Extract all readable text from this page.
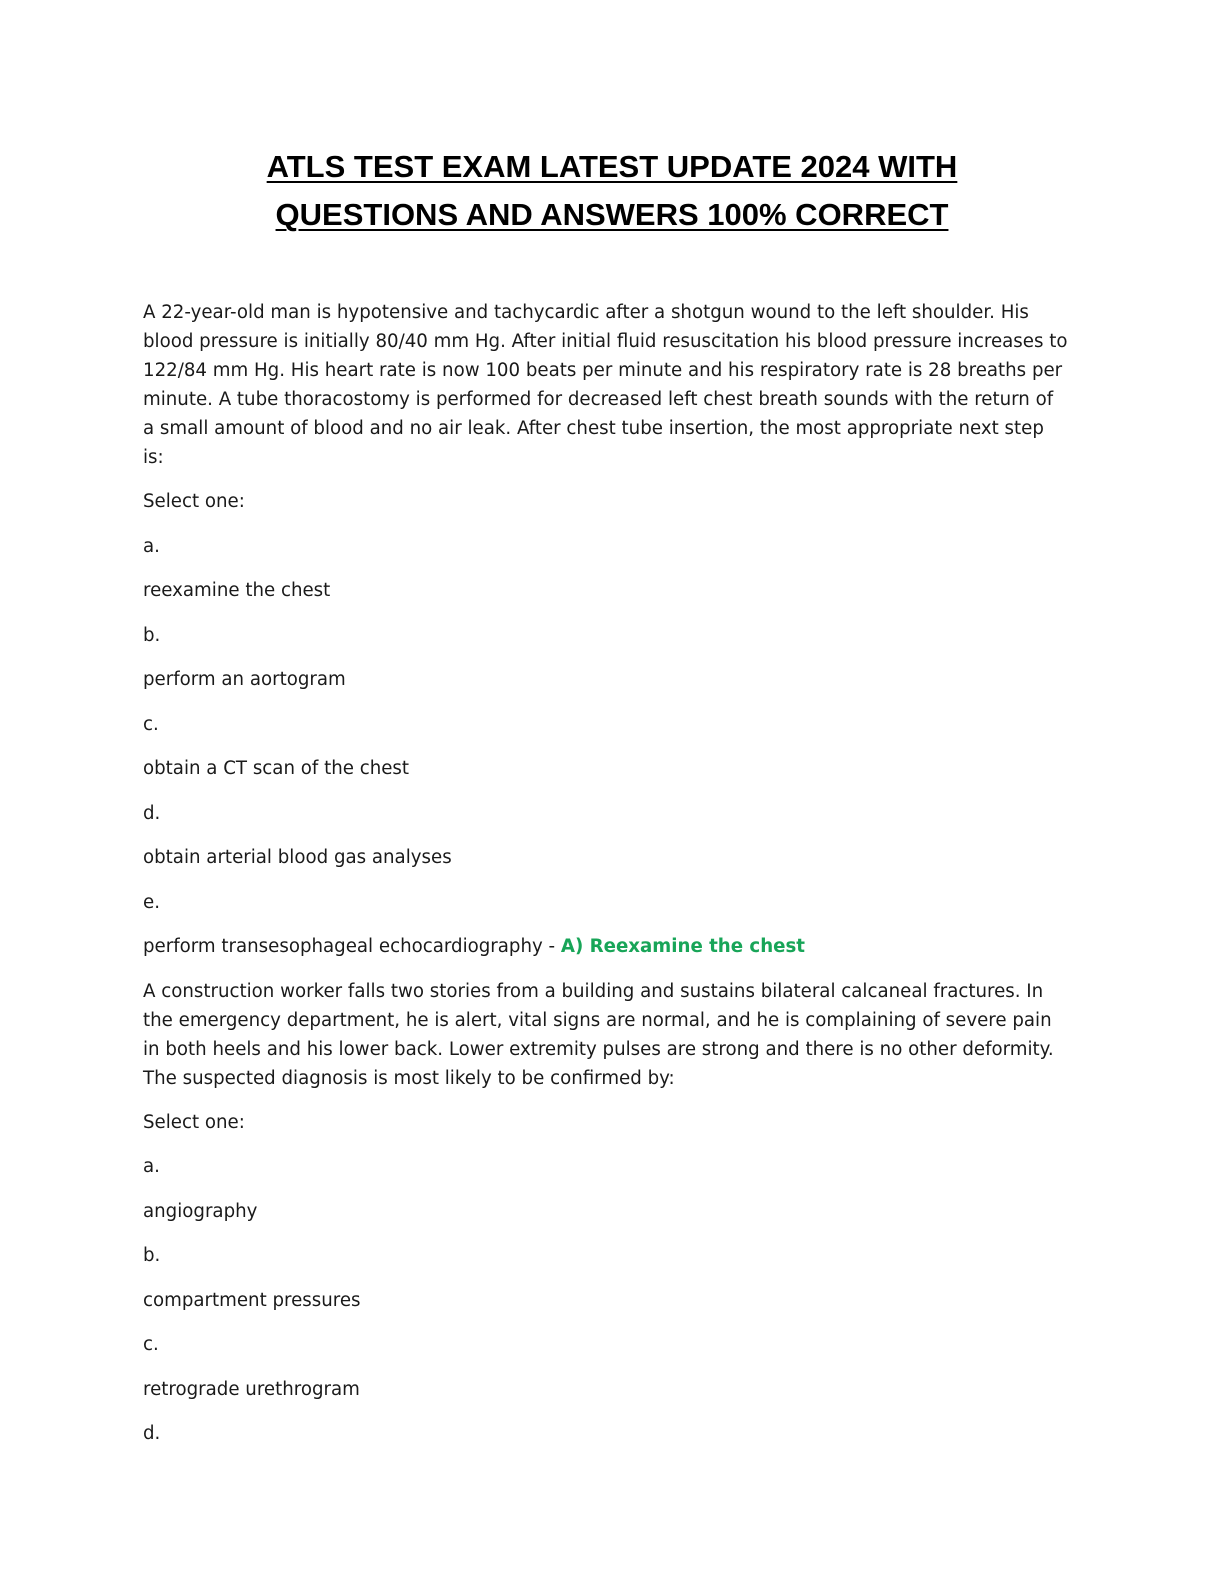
ATLS TEST EXAM LATEST UPDATE 2024 WITH
QUESTIONS AND ANSWERS 100% CORRECT

A 22-year-old man is hypotensive and tachycardic after a shotgun wound to the left shoulder. His blood pressure is initially 80/40 mm Hg. After initial fluid resuscitation his blood pressure increases to 122/84 mm Hg. His heart rate is now 100 beats per minute and his respiratory rate is 28 breaths per minute. A tube thoracostomy is performed for decreased left chest breath sounds with the return of a small amount of blood and no air leak. After chest tube insertion, the most appropriate next step is:

Select one:
a.
reexamine the chest
b.
perform an aortogram
c.
obtain a CT scan of the chest
d.
obtain arterial blood gas analyses
e.
perform transesophageal echocardiography - A) Reexamine the chest

A construction worker falls two stories from a building and sustains bilateral calcaneal fractures. In the emergency department, he is alert, vital signs are normal, and he is complaining of severe pain in both heels and his lower back. Lower extremity pulses are strong and there is no other deformity. The suspected diagnosis is most likely to be confirmed by:

Select one:
a.
angiography
b.
compartment pressures
c.
retrograde urethrogram
d.
